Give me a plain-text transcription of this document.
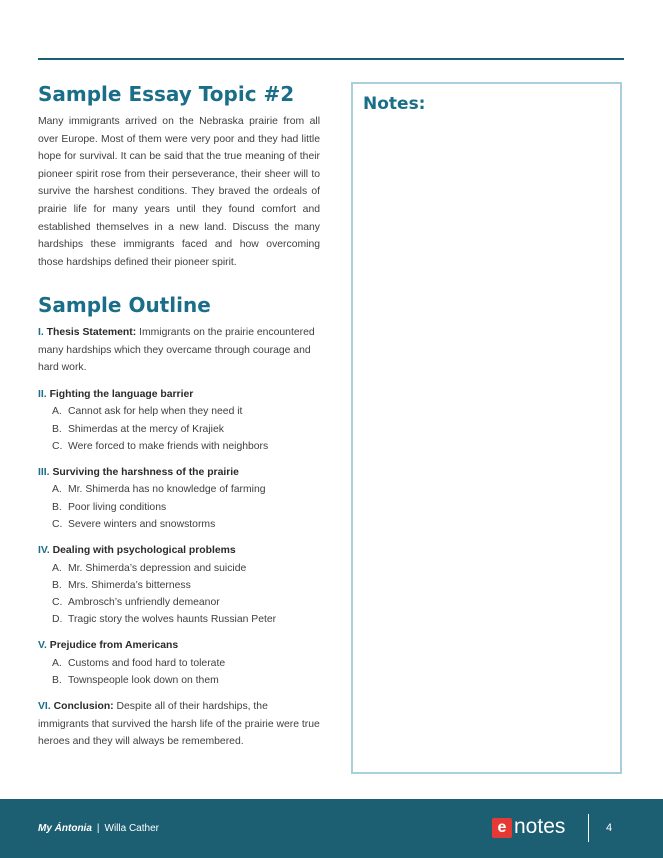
Sample Essay Topic #2

Many immigrants arrived on the Nebraska prairie from all over Europe. Most of them were very poor and they had little hope for survival. It can be said that the true meaning of their pioneer spirit rose from their perseverance, their sheer will to survive the harshest conditions. They braved the ordeals of prairie life for many years until they found comfort and established themselves in a new land. Discuss the many hardships these immigrants faced and how overcoming those hardships defined their pioneer spirit.

Sample Outline
I. Thesis Statement: Immigrants on the prairie encountered many hardships which they overcame through courage and hard work.
II. Fighting the language barrier
A. Cannot ask for help when they need it
B. Shimerdas at the mercy of Krajiek
C. Were forced to make friends with neighbors
III. Surviving the harshness of the prairie
A. Mr. Shimerda has no knowledge of farming
B. Poor living conditions
C. Severe winters and snowstorms
IV. Dealing with psychological problems
A. Mr. Shimerda’s depression and suicide
B. Mrs. Shimerda’s bitterness
C. Ambrosch’s unfriendly demeanor
D. Tragic story the wolves haunts Russian Peter
V. Prejudice from Americans
A. Customs and food hard to tolerate
B. Townspeople look down on them
VI. Conclusion: Despite all of their hardships, the immigrants that survived the harsh life of the prairie were true heroes and they will always be remembered.
Notes:
My Ántonia | Willa Cather	e notes	4
